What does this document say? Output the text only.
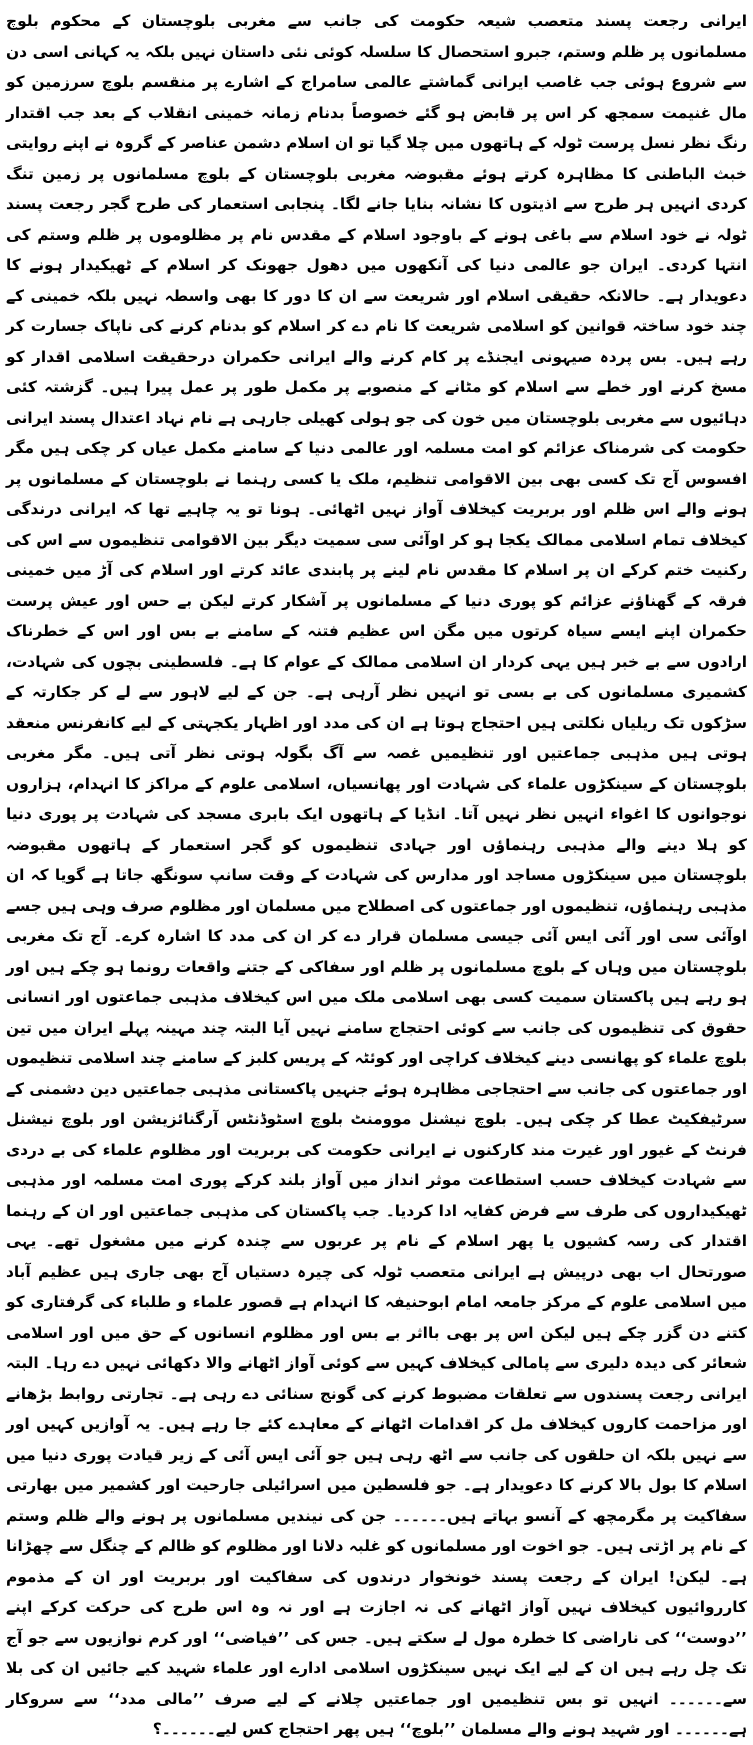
ایرانی رجعت پسند متعصب شیعہ حکومت کی جانب سے مغربی بلوچستان کے محکوم بلوچ مسلمانوں پر ظلم وستم، جبرو استحصال کا سلسلہ کوئی نئی داستان نہیں بلکہ یہ کہانی اسی دن سے شروع ہوئی جب غاصب ایرانی گماشتے عالمی سامراج کے اشارے پر منقسم بلوچ سرزمین کو مال غنیمت سمجھ کر اس پر قابض ہو گئے خصوصاً بدنام زمانہ خمینی انقلاب کے بعد جب اقتدار رنگ نظر نسل پرست ٹولہ کے ہاتھوں میں چلا گیا تو ان اسلام دشمن عناصر کے گروہ نے اپنے روایتی خبث الباطنی کا مظاہرہ کرتے ہوئے مقبوضہ مغربی بلوچستان کے بلوچ مسلمانوں پر زمین تنگ کردی انہیں ہر طرح سے اذیتوں کا نشانہ بنایا جانے لگا۔ پنجابی استعمار کی طرح گجر رجعت پسند ٹولہ نے خود اسلام سے باغی ہونے کے باوجود اسلام کے مقدس نام پر مظلوموں پر ظلم وستم کی انتہا کردی۔ ایران جو عالمی دنیا کی آنکھوں میں دھول جھونک کر اسلام کے ٹھیکیدار ہونے کا دعویدار ہے۔ حالانکہ حقیقی اسلام اور شریعت سے ان کا دور کا بھی واسطہ نہیں بلکہ خمینی کے چند خود ساختہ قوانین کو اسلامی شریعت کا نام دے کر اسلام کو بدنام کرنے کی ناپاک جسارت کر رہے ہیں۔ بس پردہ صیہونی ایجنڈے پر کام کرنے والے ایرانی حکمران درحقیقت اسلامی اقدار کو مسخ کرنے اور خطے سے اسلام کو مٹانے کے منصوبے پر مکمل طور پر عمل پیرا ہیں۔ گزشتہ کئی دہائیوں سے مغربی بلوچستان میں خون کی جو ہولی کھیلی جارہی ہے نام نہاد اعتدال پسند ایرانی حکومت کی شرمناک عزائم کو امت مسلمہ اور عالمی دنیا کے سامنے مکمل عیاں کر چکی ہیں مگر افسوس آج تک کسی بھی بین الاقوامی تنظیم، ملک یا کسی رہنما نے بلوچستان کے مسلمانوں پر ہونے والے اس ظلم اور بربریت کیخلاف آواز نہیں اٹھائی۔ ہونا تو یہ چاہیے تھا کہ ایرانی درندگی کیخلاف تمام اسلامی ممالک یکجا ہو کر اوآئی سی سمیت دیگر بین الاقوامی تنظیموں سے اس کی رکنیت ختم کرکے ان پر اسلام کا مقدس نام لینے پر پابندی عائد کرتے اور اسلام کی آڑ میں خمینی فرقہ کے گھناؤنے عزائم کو پوری دنیا کے مسلمانوں پر آشکار کرتے لیکن بے حس اور عیش پرست حکمران اپنے ایسے سیاہ کرتوں میں مگن اس عظیم فتنہ کے سامنے بے بس اور اس کے خطرناک ارادوں سے بے خبر ہیں یہی کردار ان اسلامی ممالک کے عوام کا ہے۔ فلسطینی بچوں کی شہادت، کشمیری مسلمانوں کی بے بسی تو انہیں نظر آرہی ہے۔ جن کے لیے لاہور سے لے کر جکارتہ کے سڑکوں تک ریلیاں نکلتی ہیں احتجاج ہوتا ہے ان کی مدد اور اظہار یکجہتی کے لیے کانفرنس منعقد ہوتی ہیں مذہبی جماعتیں اور تنظیمیں غصہ سے آگ بگولہ ہوتی نظر آتی ہیں۔ مگر مغربی بلوچستان کے سینکڑوں علماء کی شہادت اور پھانسیاں، اسلامی علوم کے مراکز کا انہدام، ہزاروں نوجوانوں کا اغواء انہیں نظر نہیں آتا۔ انڈیا کے ہاتھوں ایک بابری مسجد کی شہادت پر پوری دنیا کو ہلا دینے والے مذہبی رہنماؤں اور جہادی تنظیموں کو گجر استعمار کے ہاتھوں مقبوضہ بلوچستان میں سینکڑوں مساجد اور مدارس کی شہادت کے وقت سانپ سونگھ جاتا ہے گویا کہ ان مذہبی رہنماؤں، تنظیموں اور جماعتوں کی اصطلاح میں مسلمان اور مظلوم صرف وہی ہیں جسے اوآئی سی اور آئی ایس آئی جیسی مسلمان قرار دے کر ان کی مدد کا اشارہ کرے۔ آج تک مغربی بلوچستان میں وہاں کے بلوچ مسلمانوں پر ظلم اور سفاکی کے جتنے واقعات رونما ہو چکے ہیں اور ہو رہے ہیں پاکستان سمیت کسی بھی اسلامی ملک میں اس کیخلاف مذہبی جماعتوں اور انسانی حقوق کی تنظیموں کی جانب سے کوئی احتجاج سامنے نہیں آیا البتہ چند مہینہ پہلے ایران میں تین بلوچ علماء کو پھانسی دینے کیخلاف کراچی اور کوئٹہ کے پریس کلبز کے سامنے چند اسلامی تنظیموں اور جماعتوں کی جانب سے احتجاجی مظاہرہ ہوئے جنہیں پاکستانی مذہبی جماعتیں دین دشمنی کے سرٹیفکیٹ عطا کر چکی ہیں۔ بلوچ نیشنل موومنٹ بلوچ اسٹوڈنٹس آرگنائزیشن اور بلوچ نیشنل فرنٹ کے غیور اور غیرت مند کارکنوں نے ایرانی حکومت کی بربریت اور مظلوم علماء کی بے دردی سے شہادت کیخلاف حسب استطاعت موثر انداز میں آواز بلند کرکے پوری امت مسلمہ اور مذہبی ٹھیکیداروں کی طرف سے فرض کفایہ ادا کردیا۔ جب پاکستان کی مذہبی جماعتیں اور ان کے رہنما اقتدار کی رسہ کشیوں یا پھر اسلام کے نام پر عربوں سے چندہ کرنے میں مشغول تھے۔ یہی صورتحال اب بھی درپیش ہے ایرانی متعصب ٹولہ کی چیرہ دستیاں آج بھی جاری ہیں عظیم آباد میں اسلامی علوم کے مرکز جامعہ امام ابوحنیفہ کا انہدام ہے قصور علماء و طلباء کی گرفتاری کو کتنے دن گزر چکے ہیں لیکن اس پر بھی بااثر بے بس اور مظلوم انسانوں کے حق میں اور اسلامی شعائر کی دیدہ دلیری سے پامالی کیخلاف کہیں سے کوئی آواز اٹھانے والا دکھائی نہیں دے رہا۔ البتہ ایرانی رجعت پسندوں سے تعلقات مضبوط کرنے کی گونج سنائی دے رہی ہے۔ تجارتی روابط بڑھانے اور مزاحمت کاروں کیخلاف مل کر اقدامات اٹھانے کے معاہدے کئے جا رہے ہیں۔ یہ آوازیں کہیں اور سے نہیں بلکہ ان حلقوں کی جانب سے اٹھ رہی ہیں جو آئی ایس آئی کے زیر قیادت پوری دنیا میں اسلام کا بول بالا کرنے کا دعویدار ہے۔ جو فلسطین میں اسرائیلی جارحیت اور کشمیر میں بھارتی سفاکیت پر مگرمچھ کے آنسو بہاتے ہیں۔۔۔۔۔۔ جن کی نیندیں مسلمانوں پر ہونے والے ظلم وستم کے نام پر اڑتی ہیں۔ جو اخوت اور مسلمانوں کو غلبہ دلانا اور مظلوم کو ظالم کے چنگل سے چھڑانا ہے۔ لیکن! ایران کے رجعت پسند خونخوار درندوں کی سفاکیت اور بربریت اور ان کے مذموم کارروائیوں کیخلاف نہیں آواز اٹھانے کی نہ اجازت ہے اور نہ وہ اس طرح کی حرکت کرکے اپنے ’’دوست‘‘ کی ناراضی کا خطرہ مول لے سکتے ہیں۔ جس کی ’’فیاضی‘‘ اور کرم نوازیوں سے جو آج تک چل رہے ہیں ان کے لیے ایک نہیں سینکڑوں اسلامی ادارے اور علماء شہید کیے جائیں ان کی بلا سے۔۔۔۔۔۔ انہیں تو بس تنظیمیں اور جماعتیں چلانے کے لیے صرف ’’مالی مدد‘‘ سے سروکار ہے۔۔۔۔۔۔ اور شہید ہونے والے مسلمان ’’بلوچ‘‘ ہیں پھر احتجاج کس لیے۔۔۔۔۔۔؟
